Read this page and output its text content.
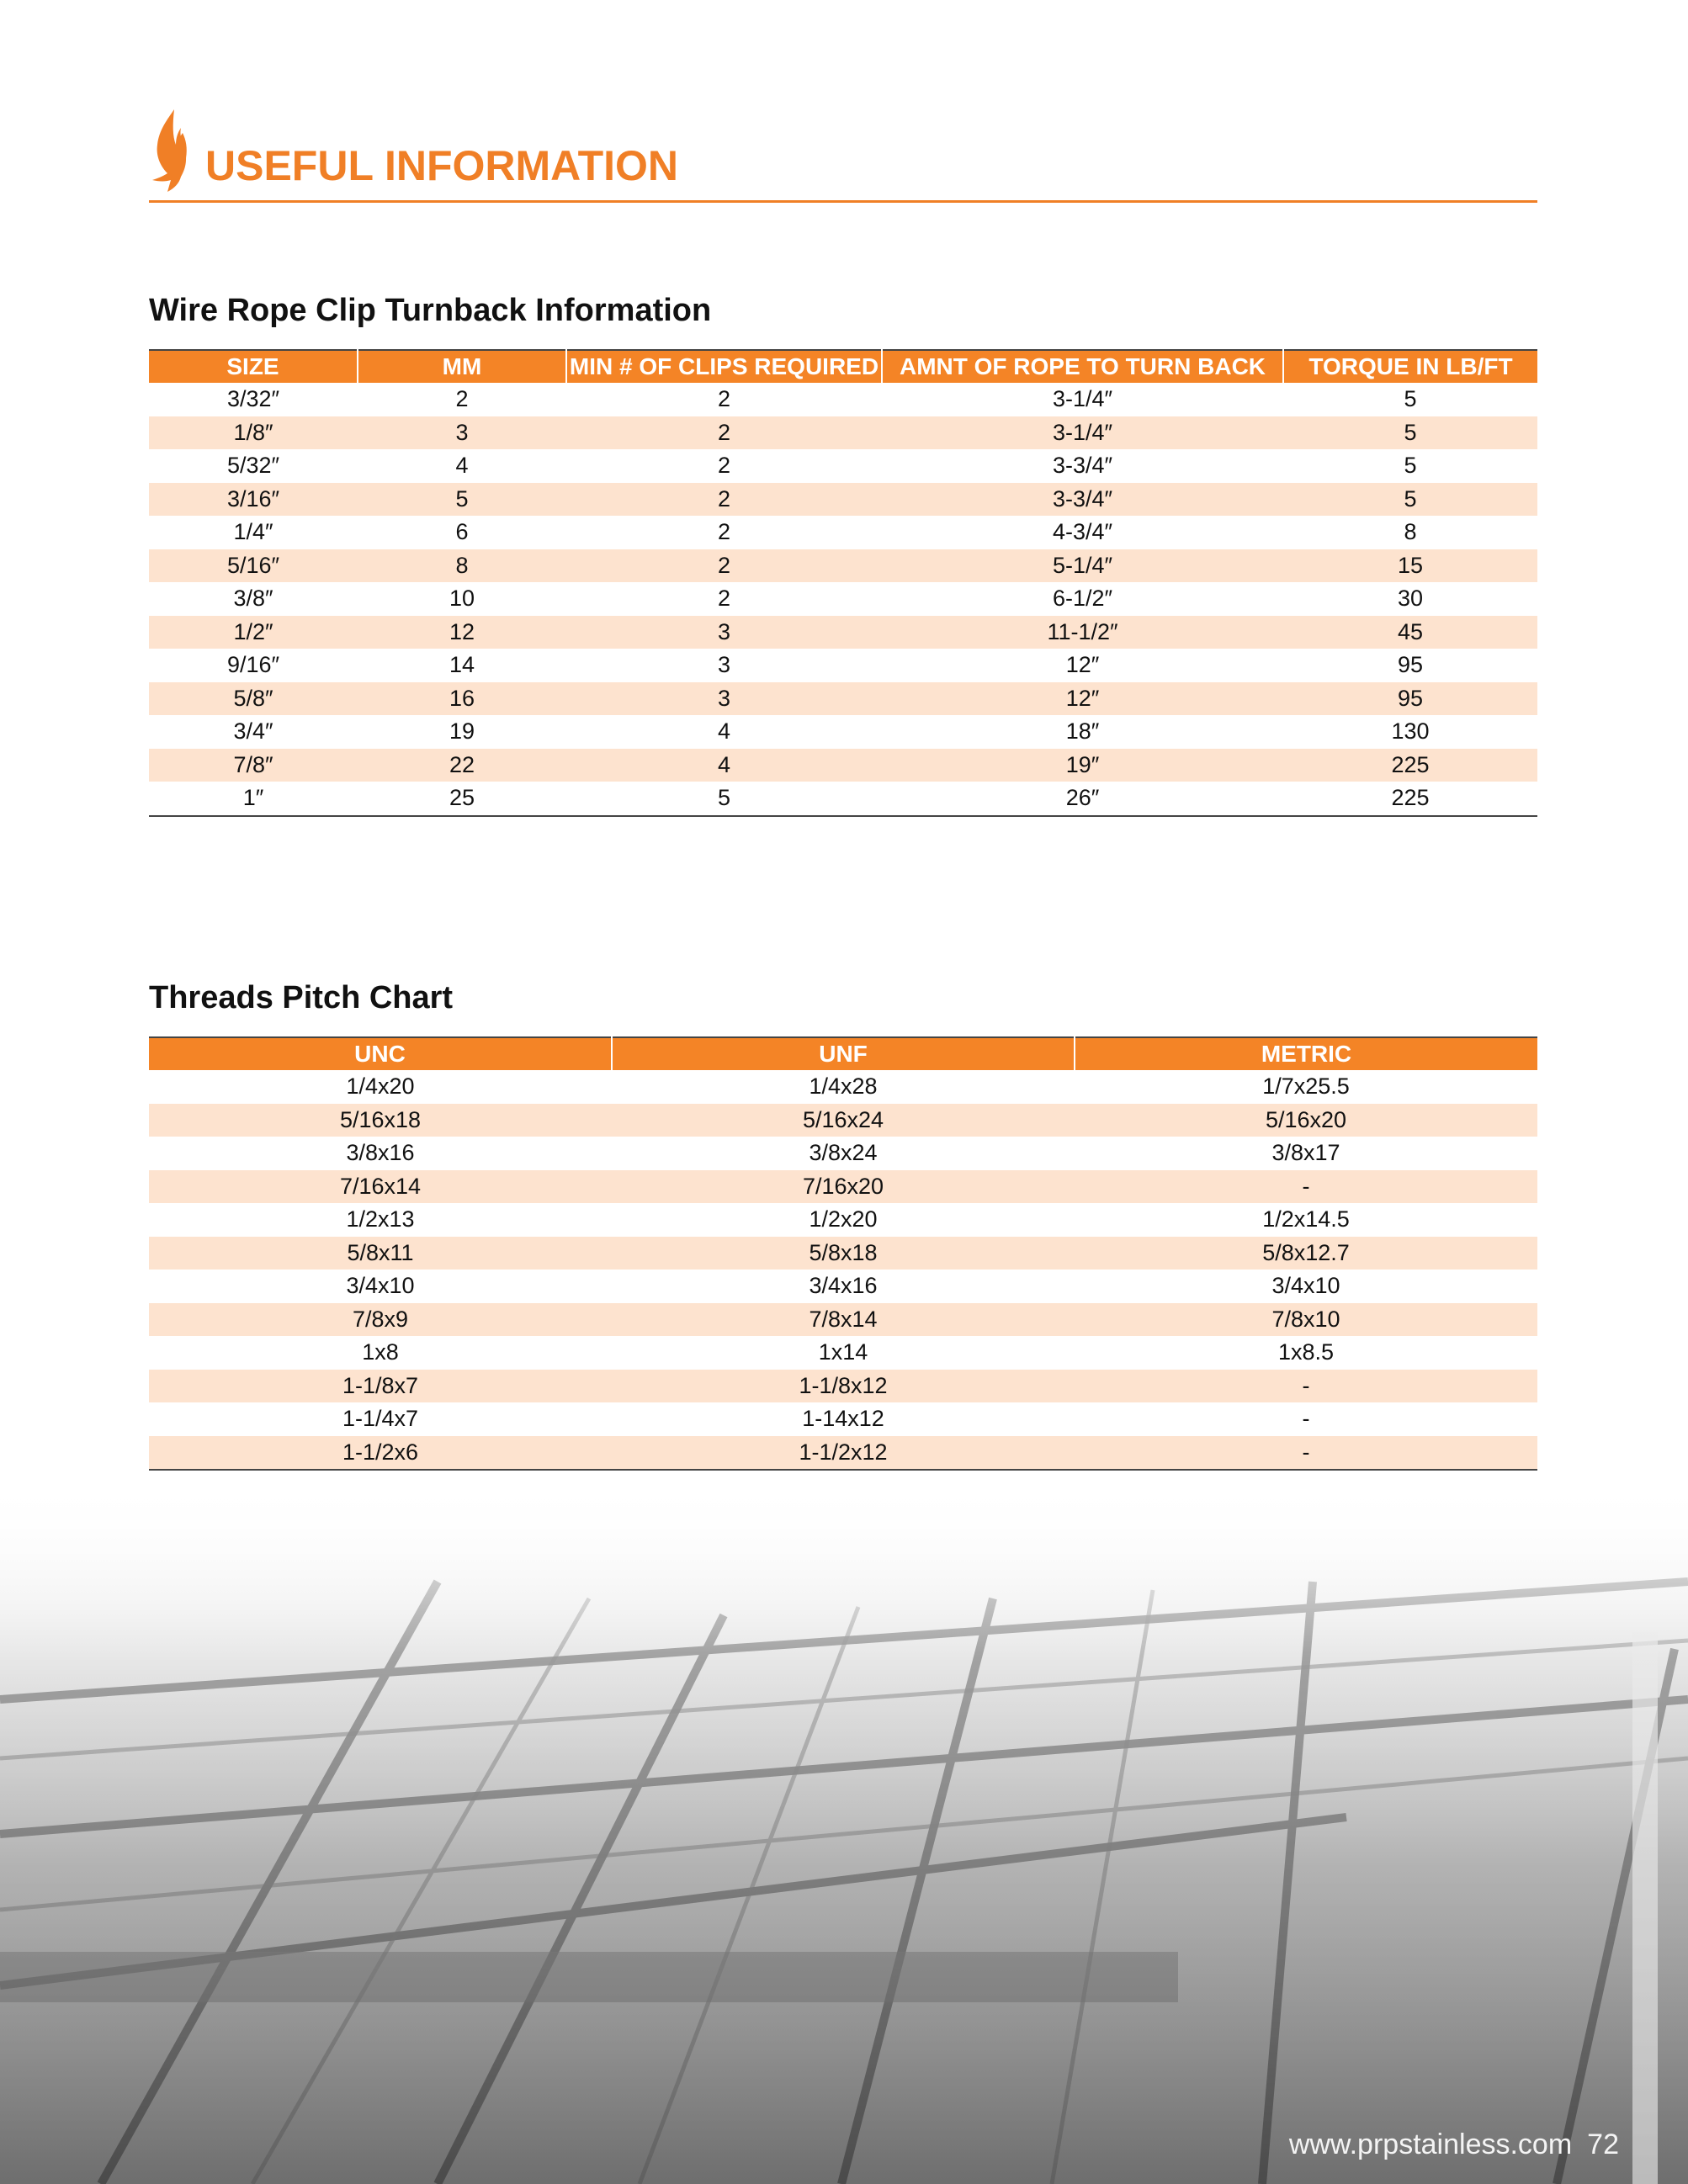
USEFUL INFORMATION
Wire Rope Clip Turnback Information
SIZE	MM	MIN # OF CLIPS REQUIRED	AMNT OF ROPE TO TURN BACK	TORQUE IN LB/FT
3/32″	2	2	3-1/4″	5
1/8″	3	2	3-1/4″	5
5/32″	4	2	3-3/4″	5
3/16″	5	2	3-3/4″	5
1/4″	6	2	4-3/4″	8
5/16″	8	2	5-1/4″	15
3/8″	10	2	6-1/2″	30
1/2″	12	3	11-1/2″	45
9/16″	14	3	12″	95
5/8″	16	3	12″	95
3/4″	19	4	18″	130
7/8″	22	4	19″	225
1″	25	5	26″	225
Threads Pitch Chart
UNC	UNF	METRIC
1/4x20	1/4x28	1/7x25.5
5/16x18	5/16x24	5/16x20
3/8x16	3/8x24	3/8x17
7/16x14	7/16x20	-
1/2x13	1/2x20	1/2x14.5
5/8x11	5/8x18	5/8x12.7
3/4x10	3/4x16	3/4x10
7/8x9	7/8x14	7/8x10
1x8	1x14	1x8.5
1-1/8x7	1-1/8x12	-
1-1/4x7	1-14x12	-
1-1/2x6	1-1/2x12	-
www.prpstainless.com 72
